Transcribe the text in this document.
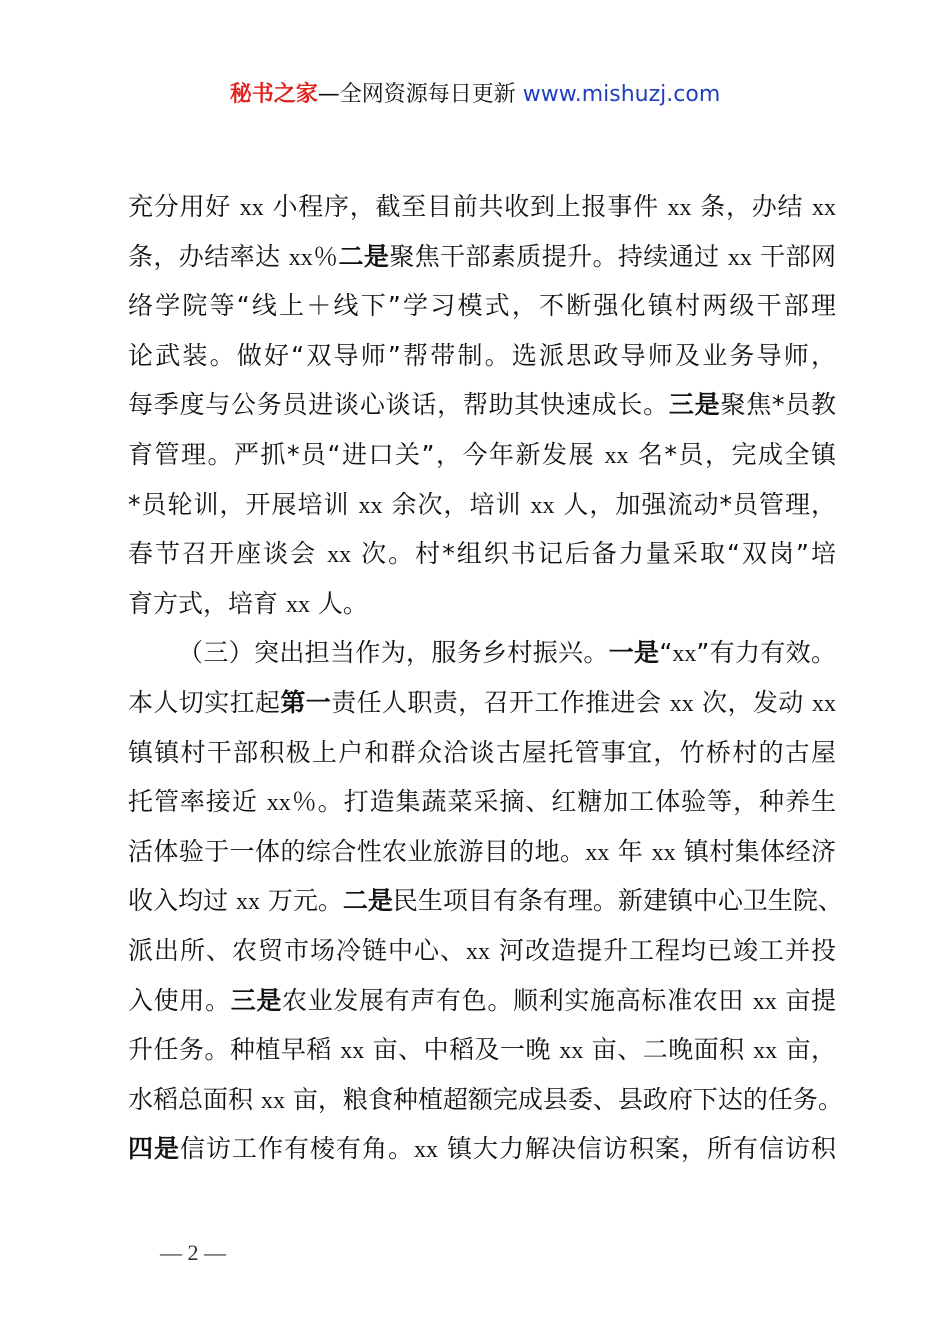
秘书之家—全网资源每日更新 www.mishuzj.com
充分用好 xx 小程序，截至目前共收到上报事件 xx 条，办结 xx
条，办结率达 xx％二是聚焦干部素质提升。持续通过 xx 干部网
络学院等“线上＋线下”学习模式，不断强化镇村两级干部理
论武装。做好“双导师”帮带制。选派思政导师及业务导师，
每季度与公务员进谈心谈话，帮助其快速成长。三是聚焦*员教
育管理。严抓*员“进口关”，今年新发展 xx 名*员，完成全镇
*员轮训，开展培训 xx 余次，培训 xx 人，加强流动*员管理，
春节召开座谈会 xx 次。村*组织书记后备力量采取“双岗”培
育方式，培育 xx 人。
（三）突出担当作为，服务乡村振兴。一是“xx”有力有效。
本人切实扛起第一责任人职责，召开工作推进会 xx 次，发动 xx
镇镇村干部积极上户和群众洽谈古屋托管事宜，竹桥村的古屋
托管率接近 xx％。打造集蔬菜采摘、红糖加工体验等，种养生
活体验于一体的综合性农业旅游目的地。xx 年 xx 镇村集体经济
收入均过 xx 万元。二是民生项目有条有理。新建镇中心卫生院、
派出所、农贸市场冷链中心、xx 河改造提升工程均已竣工并投
入使用。三是农业发展有声有色。顺利实施高标准农田 xx 亩提
升任务。种植早稻 xx 亩、中稻及一晚 xx 亩、二晚面积 xx 亩，
水稻总面积 xx 亩，粮食种植超额完成县委、县政府下达的任务。
四是信访工作有棱有角。xx 镇大力解决信访积案，所有信访积
— 2 —
